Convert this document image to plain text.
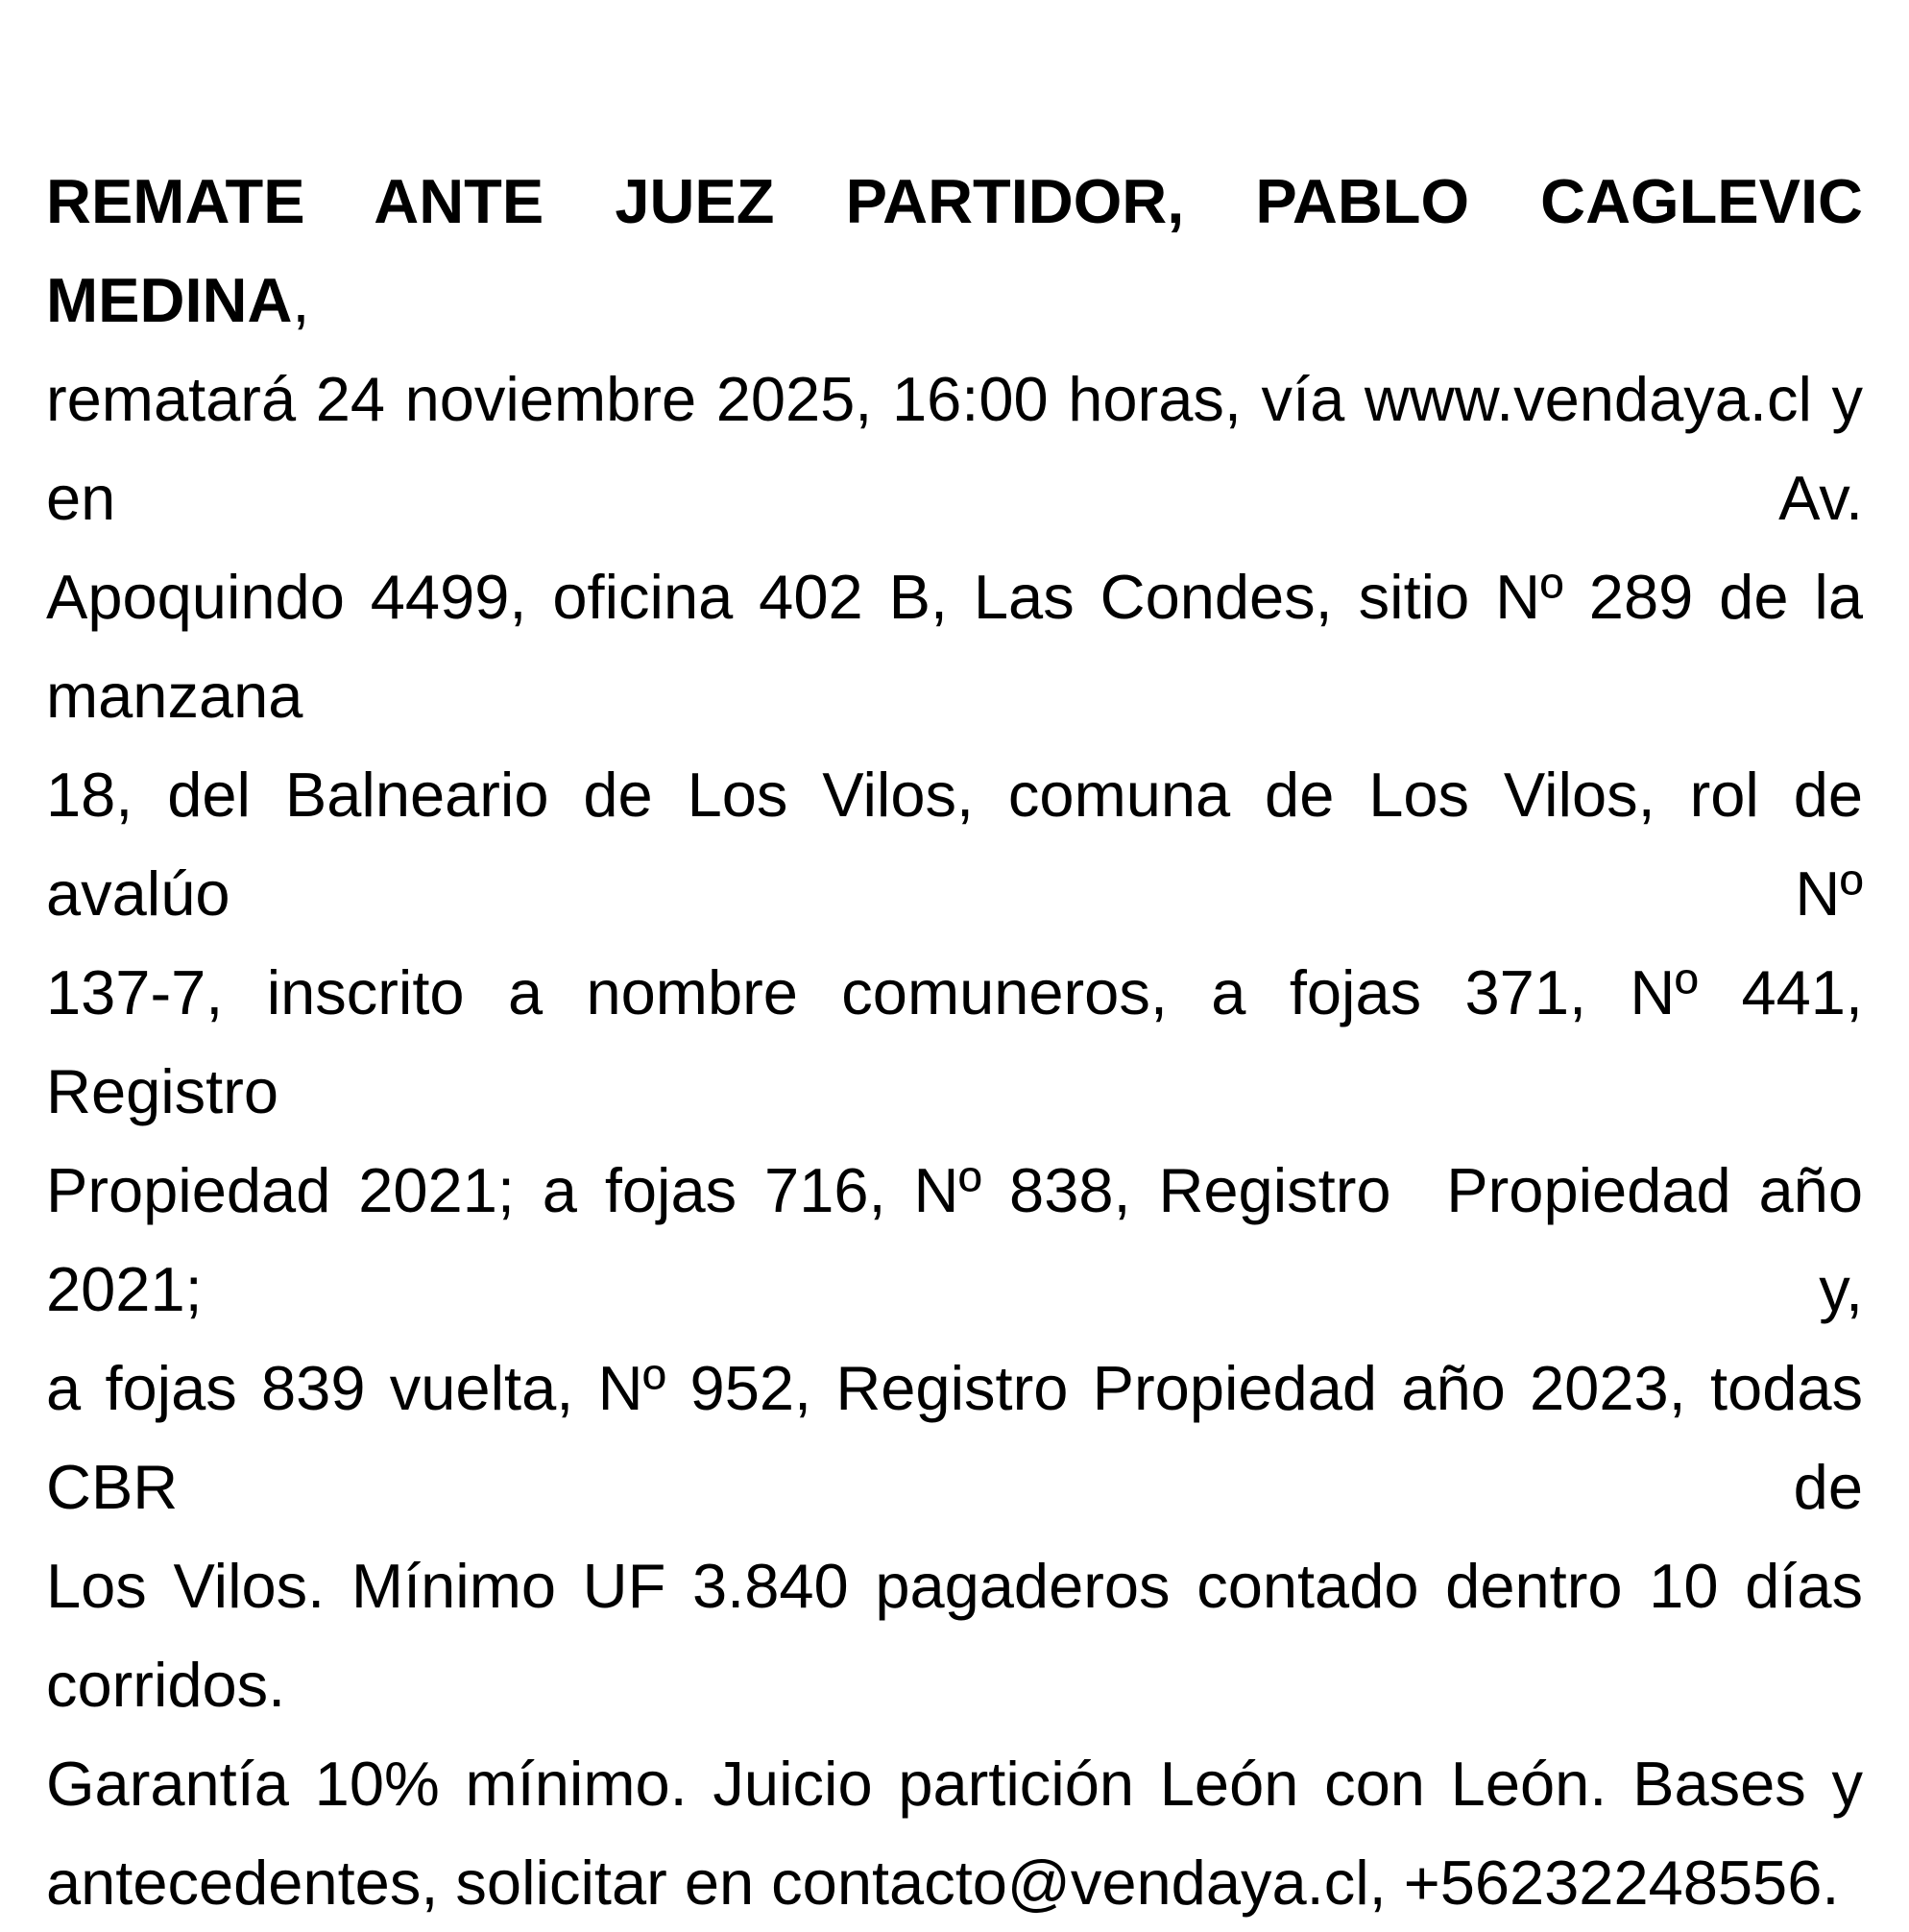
REMATE ANTE JUEZ PARTIDOR, PABLO CAGLEVIC MEDINA,
rematará 24 noviembre 2025, 16:00 horas, vía www.vendaya.cl y en Av.
Apoquindo 4499, oficina 402 B, Las Condes, sitio Nº 289 de la manzana
18, del Balneario de Los Vilos, comuna de Los Vilos, rol de avalúo Nº
137-7, inscrito a nombre comuneros, a fojas 371, Nº 441, Registro
Propiedad 2021; a fojas 716, Nº 838, Registro  Propiedad año 2021; y,
a fojas 839 vuelta, Nº 952, Registro Propiedad año 2023, todas CBR de
Los Vilos. Mínimo UF 3.840 pagaderos contado dentro 10 días corridos.
Garantía 10% mínimo. Juicio partición León con León. Bases y
antecedentes, solicitar en contacto@vendaya.cl, +56232248556.
